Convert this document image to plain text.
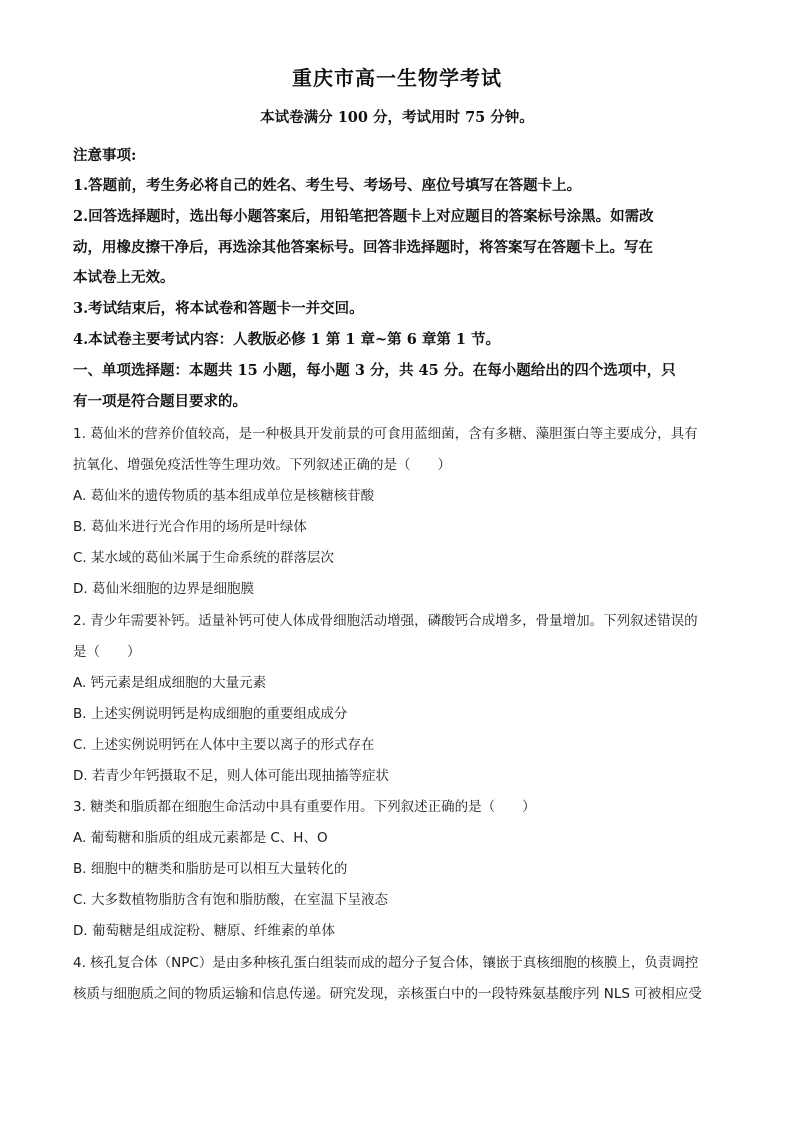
重庆市高一生物学考试
本试卷满分 100 分，考试用时 75 分钟。
注意事项:
1.答题前，考生务必将自己的姓名、考生号、考场号、座位号填写在答题卡上。
2.回答选择题时，选出每小题答案后，用铅笔把答题卡上对应题目的答案标号涂黑。如需改
动，用橡皮擦干净后，再选涂其他答案标号。回答非选择题时，将答案写在答题卡上。写在
本试卷上无效。
3.考试结束后，将本试卷和答题卡一并交回。
4.本试卷主要考试内容：人教版必修 1 第 1 章~第 6 章第 1 节。
一、单项选择题：本题共 15 小题，每小题 3 分，共 45 分。在每小题给出的四个选项中，只
有一项是符合题目要求的。
1. 葛仙米的营养价值较高，是一种极具开发前景的可食用蓝细菌，含有多糖、藻胆蛋白等主要成分，具有
抗氧化、增强免疫活性等生理功效。下列叙述正确的是（　　）
A. 葛仙米的遗传物质的基本组成单位是核糖核苷酸
B. 葛仙米进行光合作用的场所是叶绿体
C. 某水域的葛仙米属于生命系统的群落层次
D. 葛仙米细胞的边界是细胞膜
2. 青少年需要补钙。适量补钙可使人体成骨细胞活动增强，磷酸钙合成增多，骨量增加。下列叙述错误的
是（　　）
A. 钙元素是组成细胞的大量元素
B. 上述实例说明钙是构成细胞的重要组成成分
C. 上述实例说明钙在人体中主要以离子的形式存在
D. 若青少年钙摄取不足，则人体可能出现抽搐等症状
3. 糖类和脂质都在细胞生命活动中具有重要作用。下列叙述正确的是（　　）
A. 葡萄糖和脂质的组成元素都是 C、H、O
B. 细胞中的糖类和脂肪是可以相互大量转化的
C. 大多数植物脂肪含有饱和脂肪酸，在室温下呈液态
D. 葡萄糖是组成淀粉、糖原、纤维素的单体
4. 核孔复合体（NPC）是由多种核孔蛋白组装而成的超分子复合体，镶嵌于真核细胞的核膜上，负责调控
核质与细胞质之间的物质运输和信息传递。研究发现，亲核蛋白中的一段特殊氨基酸序列 NLS 可被相应受
